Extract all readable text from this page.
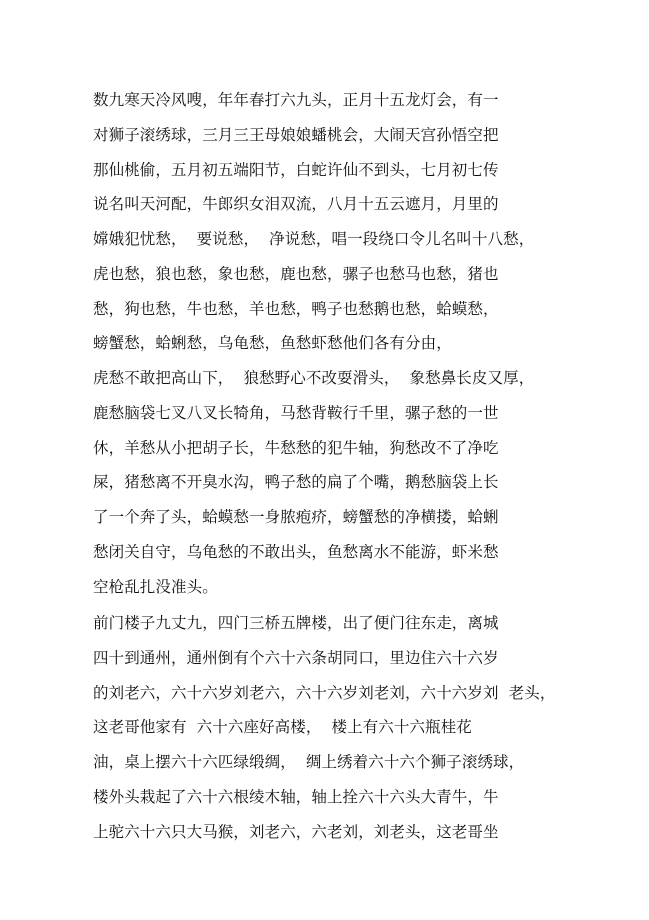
数九寒天冷风嗖，年年春打六九头，正月十五龙灯会，有一
对狮子滚绣球，三月三王母娘娘蟠桃会，大闹天宫孙悟空把
那仙桃偷，五月初五端阳节，白蛇许仙不到头，七月初七传
说名叫天河配，牛郎织女泪双流，八月十五云遮月，月里的
嫦娥犯忧愁，  要说愁，  净说愁，唱一段绕口令儿名叫十八愁，
虎也愁，狼也愁，象也愁，鹿也愁，骡子也愁马也愁，猪也
愁，狗也愁，牛也愁，羊也愁，鸭子也愁鹅也愁，蛤蟆愁，
螃蟹愁，蛤蜊愁，乌龟愁，鱼愁虾愁他们各有分由，
虎愁不敢把高山下，  狼愁野心不改耍滑头，  象愁鼻长皮又厚，
鹿愁脑袋七叉八叉长犄角，马愁背鞍行千里，骡子愁的一世
休，羊愁从小把胡子长，牛愁愁的犯牛轴，狗愁改不了净吃
屎，猪愁离不开臭水沟，鸭子愁的扁了个嘴，鹅愁脑袋上长
了一个奔了头，蛤蟆愁一身脓疱疥，螃蟹愁的净横搂，蛤蜊
愁闭关自守，乌龟愁的不敢出头，鱼愁离水不能游，虾米愁
空枪乱扎没准头。
前门楼子九丈九，四门三桥五牌楼，出了便门往东走，离城
四十到通州，通州倒有个六十六条胡同口，里边住六十六岁
的刘老六，六十六岁刘老六，六十六岁刘老刘，六十六岁刘  老头，
这老哥他家有  六十六座好高楼，  楼上有六十六瓶桂花
油，桌上摆六十六匹绿缎绸，  绸上绣着六十六个狮子滚绣球，
楼外头栽起了六十六根绫木轴，轴上拴六十六头大青牛，牛
上驼六十六只大马猴，刘老六，六老刘，刘老头，这老哥坐
